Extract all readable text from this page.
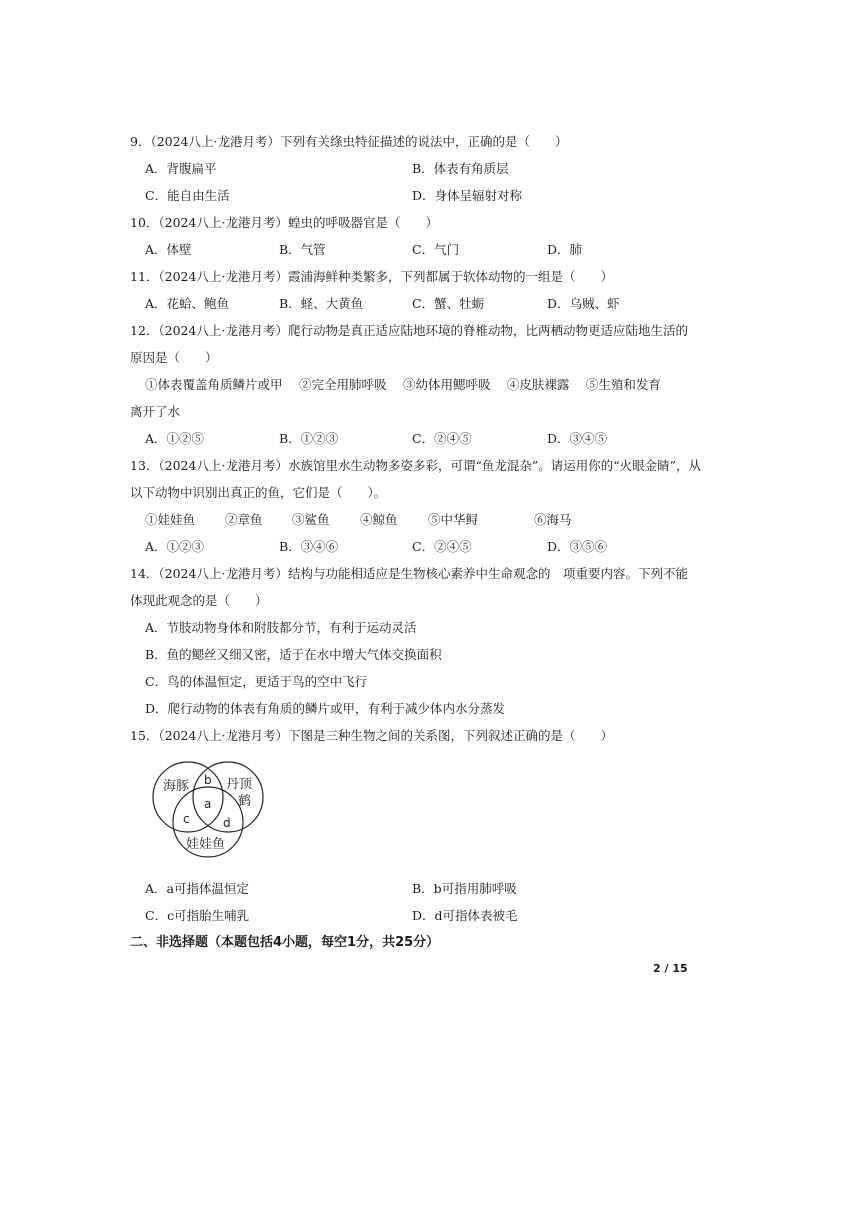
9．（2024八上·龙港月考）下列有关绦虫特征描述的说法中，正确的是（　　）
A．背腹扁平	B．体表有角质层
C．能自由生活	D．身体呈辐射对称
10．（2024八上·龙港月考）蝗虫的呼吸器官是（　　）
A．体壁	B．气管	C．气门	D．肺
11．（2024八上·龙港月考）霞浦海鲜种类繁多，下列都属于软体动物的一组是（　　）
A．花蛤、鲍鱼	B．蛏、大黄鱼	C．蟹、牡蛎	D．乌贼、虾
12．（2024八上·龙港月考）爬行动物是真正适应陆地环境的脊椎动物，比两栖动物更适应陆地生活的
原因是（　　）
①体表覆盖角质鳞片或甲　 ②完全用肺呼吸　 ③幼体用鳃呼吸　 ④皮肤裸露　 ⑤生殖和发育
离开了水
A．①②⑤	B．①②③	C．②④⑤	D．③④⑤
13．（2024八上·龙港月考）水族馆里水生动物多姿多彩，可谓“鱼龙混杂”。请运用你的“火眼金睛”，从
以下动物中识别出真正的鱼，它们是（　　）。
①娃娃鱼 ②章鱼 ③鲨鱼 ④鲸鱼 ⑤中华鲟	⑥海马
A．①②③	B．③④⑥	C．②④⑤	D．③⑤⑥
14．（2024八上·龙港月考）结构与功能相适应是生物核心素养中生命观念的　项重要内容。下列不能
体现此观念的是（　　）
A．节肢动物身体和附肢都分节，有利于运动灵活
B．鱼的鳃丝又细又密，适于在水中增大气体交换面积
C．鸟的体温恒定，更适于鸟的空中飞行
D．爬行动物的体表有角质的鳞片或甲，有利于减少体内水分蒸发
15．（2024八上·龙港月考）下图是三种生物之间的关系图，下列叙述正确的是（　　）
海豚	丹顶
鹤
娃娃鱼
a
b
c	d
A．a可指体温恒定	B．b可指用肺呼吸
C．c可指胎生哺乳	D．d可指体表被毛
二、非选择题（本题包括4小题，每空1分，共25分）
2 / 15
